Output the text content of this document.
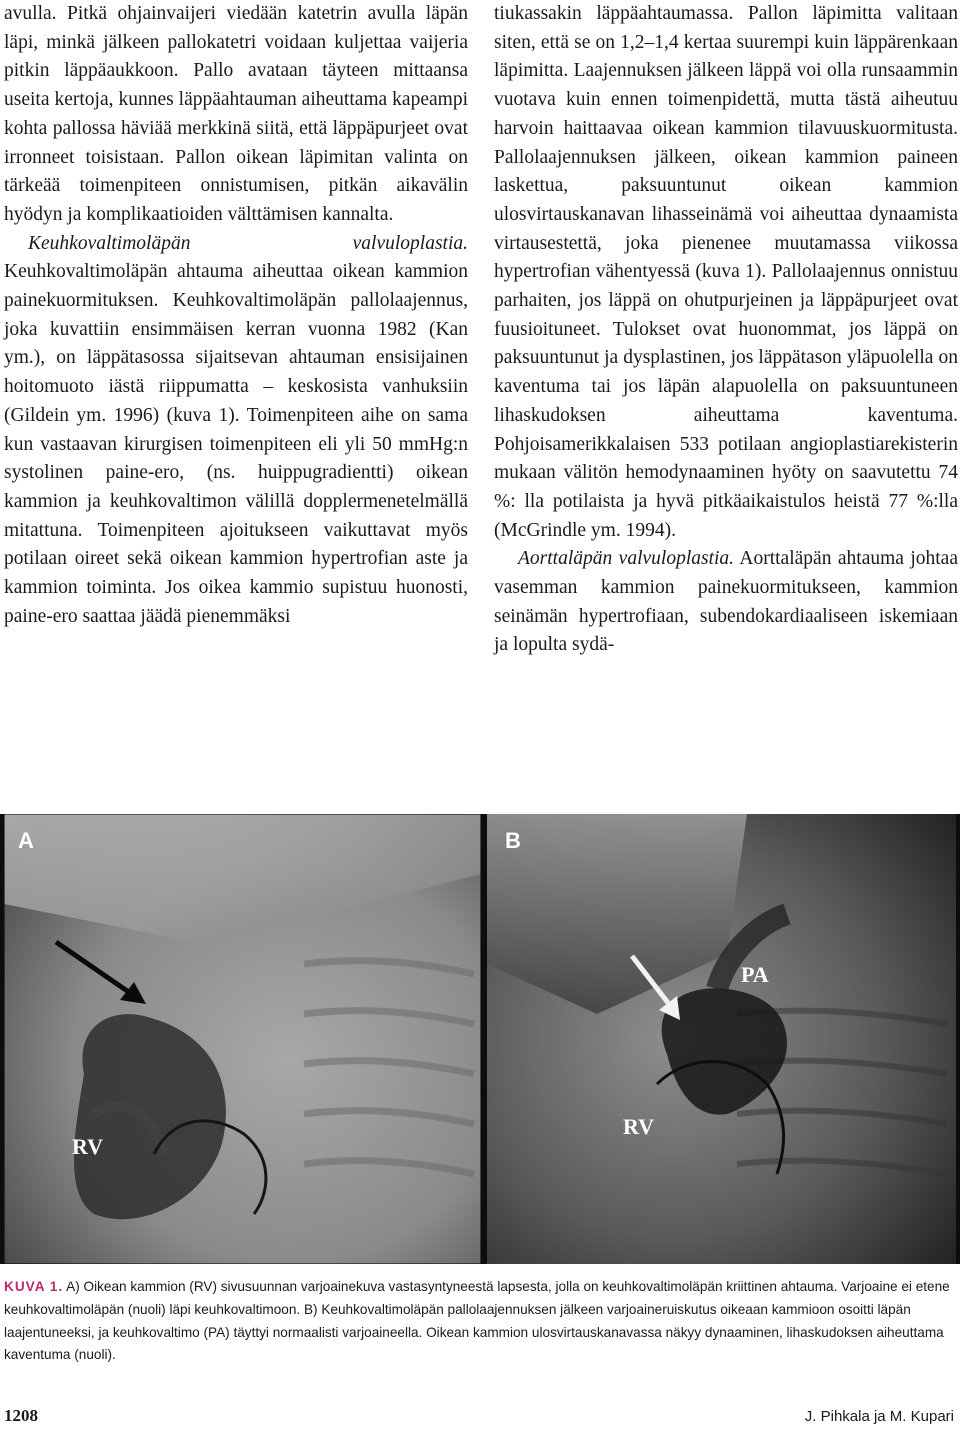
avulla. Pitkä ohjainvaijeri viedään katetrin avulla läpän läpi, minkä jälkeen pallokatetri voidaan kuljettaa vaijeria pitkin läppäaukkoon. Pallo avataan täyteen mittaansa useita kertoja, kunnes läppäahtauman aiheuttama kapeampi kohta pallossa häviää merkkinä siitä, että läppäpurjeet ovat irronneet toisistaan. Pallon oikean läpimitan valinta on tärkeää toimenpiteen onnistumisen, pitkän aikavälin hyödyn ja komplikaatioiden välttämisen kannalta.

Keuhkovaltimoläpän valvuloplastia. Keuhkovaltimoläpän ahtauma aiheuttaa oikean kammion painekuormituksen. Keuhkovaltimoläpän pallolaajennus, joka kuvattiin ensimmäisen kerran vuonna 1982 (Kan ym.), on läppätasossa sijaitsevan ahtauman ensisijainen hoitomuoto iästä riippumatta – keskosista vanhuksiin (Gildein ym. 1996) (kuva 1). Toimenpiteen aihe on sama kun vastaavan kirurgisen toimenpiteen eli yli 50 mmHg:n systolinen paine-ero, (ns. huippugradientti) oikean kammion ja keuhkovaltimon välillä dopplermenetelmällä mitattuna. Toimenpiteen ajoitukseen vaikuttavat myös potilaan oireet sekä oikean kammion hypertrofian aste ja kammion toiminta. Jos oikea kammio supistuu huonosti, paine-ero saattaa jäädä pienemmäksi

tiukassakin läppäahtaumassa. Pallon läpimitta valitaan siten, että se on 1,2–1,4 kertaa suurempi kuin läppärenkaan läpimitta. Laajennuksen jälkeen läppä voi olla runsaammin vuotava kuin ennen toimenpidettä, mutta tästä aiheutuu harvoin haittaavaa oikean kammion tilavuuskuormitusta. Pallolaajennuksen jälkeen, oikean kammion paineen laskettua, paksuuntunut oikean kammion ulosvirtauskanavan lihasseinämä voi aiheuttaa dynaamista virtausestettä, joka pienenee muutamassa viikossa hypertrofian vähentyessä (kuva 1). Pallolaajennus onnistuu parhaiten, jos läppä on ohutpurjeinen ja läppäpurjeet ovat fuusioituneet. Tulokset ovat huonommat, jos läppä on paksuuntunut ja dysplastinen, jos läppätason yläpuolella on kaventuma tai jos läpän alapuolella on paksuuntuneen lihaskudoksen aiheuttama kaventuma. Pohjoisamerikkalaisen 533 potilaan angioplastiarekisterin mukaan välitön hemodynaaminen hyöty on saavutettu 74 %: lla potilaista ja hyvä pitkäaikaistulos heistä 77 %:lla (McGrindle ym. 1994).

Aorttaläpän valvuloplastia. Aorttaläpän ahtauma johtaa vasemman kammion painekuormitukseen, kammion seinämän hypertrofiaan, subendokardiaaliseen iskemiaan ja lopulta sydä-

A
RV
B
PA
RV
KUVA 1. A) Oikean kammion (RV) sivusuunnan varjoainekuva vastasyntyneestä lapsesta, jolla on keuhkovaltimoläpän kriittinen ahtauma. Varjoaine ei etene keuhkovaltimoläpän (nuoli) läpi keuhkovaltimoon. B) Keuhkovaltimoläpän pallolaajennuksen jälkeen varjoaineruiskutus oikeaan kammioon osoitti läpän laajentuneeksi, ja keuhkovaltimo (PA) täyttyi normaalisti varjoaineella. Oikean kammion ulosvirtauskanavassa näkyy dynaaminen, lihaskudoksen aiheuttama kaventuma (nuoli).
1208	J. Pihkala ja M. Kupari
